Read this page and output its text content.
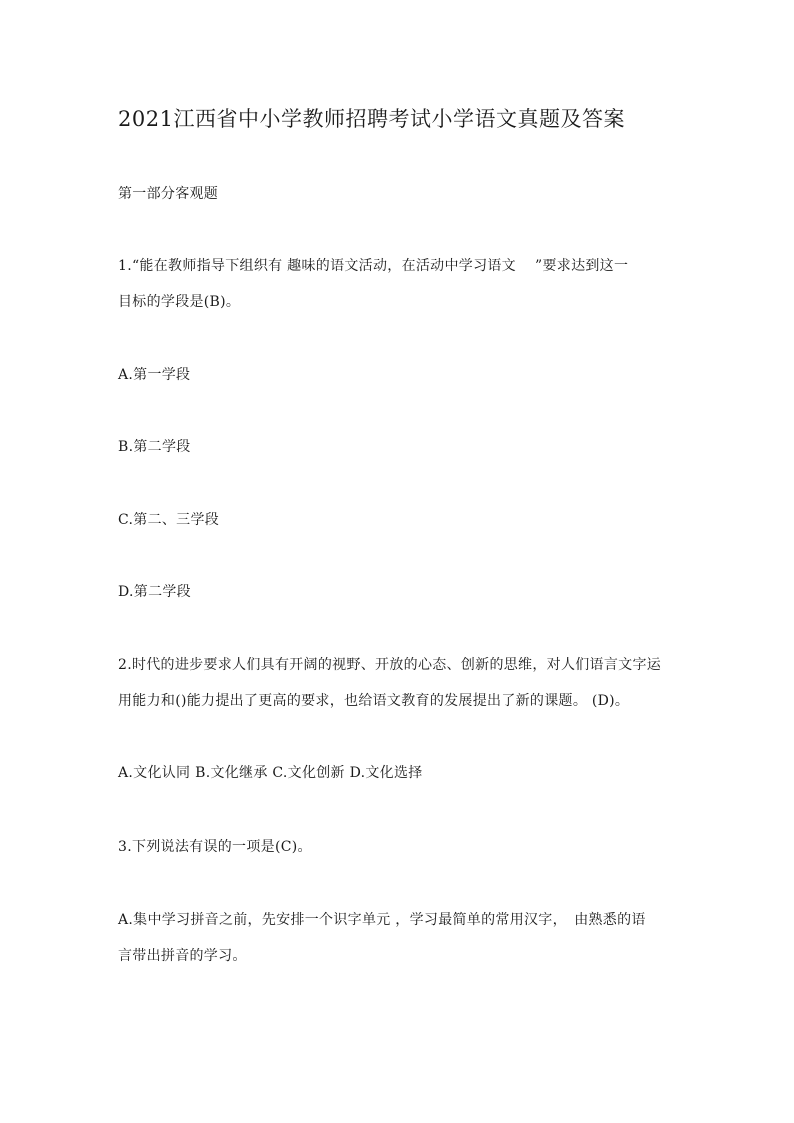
2021江西省中小学教师招聘考试小学语文真题及答案
第一部分客观题
1.“能在教师指导下组织有 趣味的语文活动，在活动中学习语文　 ”要求达到这一
目标的学段是(B)。
A.第一学段
B.第二学段
C.第二、三学段
D.第二学段
2.时代的进步要求人们具有开阔的视野、开放的心态、创新的思维，对人们语言文字运
用能力和()能力提出了更高的要求，也给语文教育的发展提出了新的课题。 (D)。
A.文化认同 B.文化继承 C.文化创新 D.文化选择
3.下列说法有误的一项是(C)。
A.集中学习拼音之前，先安排一个识字单元 ，学习最简单的常用汉字，　由熟悉的语
言带出拼音的学习。
